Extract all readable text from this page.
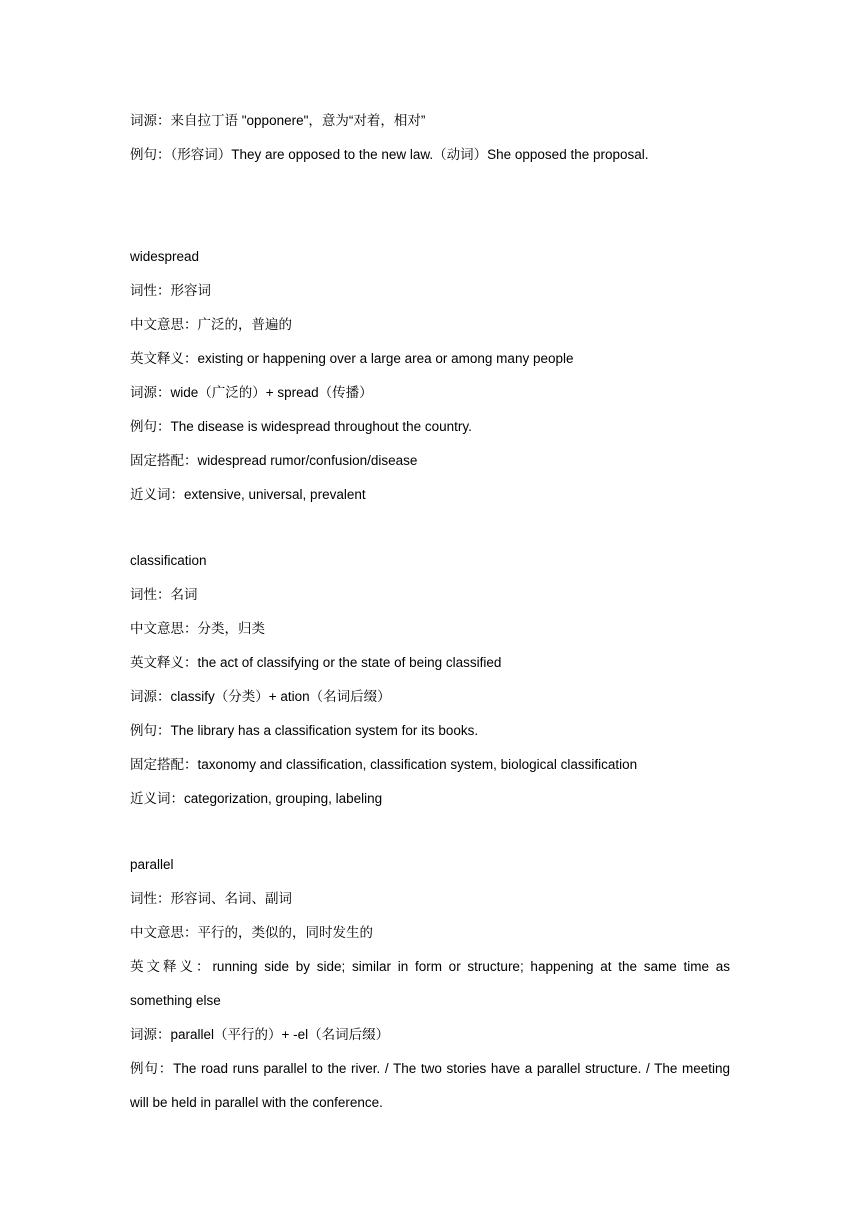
词源：来自拉丁语 "opponere"，意为“对着，相对”
例句：（形容词）They are opposed to the new law.（动词）She opposed the proposal.
widespread
词性：形容词
中文意思：广泛的，普遍的
英文释义：existing or happening over a large area or among many people
词源：wide（广泛的）+ spread（传播）
例句：The disease is widespread throughout the country.
固定搭配：widespread rumor/confusion/disease
近义词：extensive, universal, prevalent
classification
词性：名词
中文意思：分类，归类
英文释义：the act of classifying or the state of being classified
词源：classify（分类）+ ation（名词后缀）
例句：The library has a classification system for its books.
固定搭配：taxonomy and classification, classification system, biological classification
近义词：categorization, grouping, labeling
parallel
词性：形容词、名词、副词
中文意思：平行的，类似的，同时发生的
英文释义：running side by side; similar in form or structure; happening at the same time as something else
词源：parallel（平行的）+ -el（名词后缀）
例句：The road runs parallel to the river. / The two stories have a parallel structure. / The meeting will be held in parallel with the conference.
